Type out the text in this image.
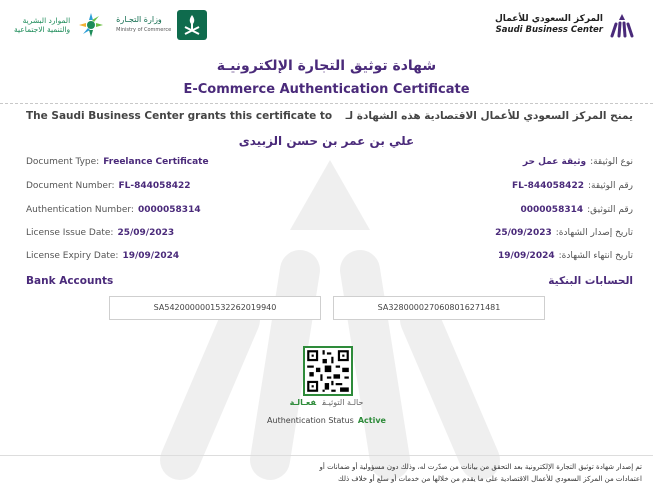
الموارد البشرية
والتنمية الاجتماعية
وزارة التجـارة
Ministry of Commerce
المركز السعودي للأعمال
Saudi Business Center
شهادة توثيق التجارة الإلكترونيـة
E-Commerce Authentication Certificate
The Saudi Business Center grants this certificate to يمنح المركز السعودي للأعمال الاقتصادية هذه الشهادة لـ
علي بن عمر بن حسن الزبيدى
Document Type: Freelance Certificate
Document Number: FL-844058422
Authentication Number: 0000058314
License Issue Date: 25/09/2023
License Expiry Date: 19/09/2024
نوع الوثيقة:وثيقة عمل حر
رقم الوثيقة:FL-844058422
رقم التوثيق:0000058314
تاريخ إصدار الشهادة:25/09/2023
تاريخ انتهاء الشهادة:19/09/2024
Bank Accounts	الحسابات البنكية
SA5420000001532262019940	SA3280000270608016271481
حالـة التوثيـقفعـالـة
Authentication Status Active
تم إصدار شهادة توثيق التجارة الإلكترونية بعد التحقق من بيانات من صدّرت له، وذلك دون مسؤولية أو ضمانات أو
اعتمادات من المركز السعودي للأعمال الاقتصادية على ما يقدم من خلالها من خدمات أو سلع أو خلاف ذلك
